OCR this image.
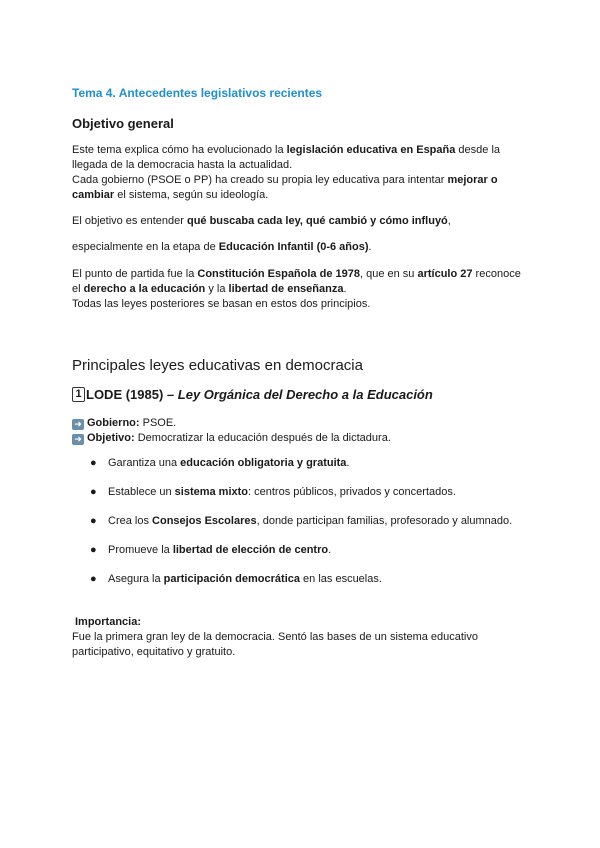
Tema 4. Antecedentes legislativos recientes
Objetivo general

Este tema explica cómo ha evolucionado la legislación educativa en España desde la llegada de la democracia hasta la actualidad.

Cada gobierno (PSOE o PP) ha creado su propia ley educativa para intentar mejorar o cambiar el sistema, según su ideología.

El objetivo es entender qué buscaba cada ley, qué cambió y cómo influyó,

especialmente en la etapa de Educación Infantil (0-6 años).

El punto de partida fue la Constitución Española de 1978, que en su artículo 27 reconoce el derecho a la educación y la libertad de enseñanza.

Todas las leyes posteriores se basan en estos dos principios.

Principales leyes educativas en democracia
1 LODE (1985) – Ley Orgánica del Derecho a la Educación

➜ Gobierno: PSOE.

➜ Objetivo: Democratizar la educación después de la dictadura.

● Garantiza una educación obligatoria y gratuita.
● Establece un sistema mixto: centros públicos, privados y concertados.
● Crea los Consejos Escolares, donde participan familias, profesorado y alumnado.
● Promueve la libertad de elección de centro.
● Asegura la participación democrática en las escuelas.

Importancia:

Fue la primera gran ley de la democracia. Sentó las bases de un sistema educativo participativo, equitativo y gratuito.
